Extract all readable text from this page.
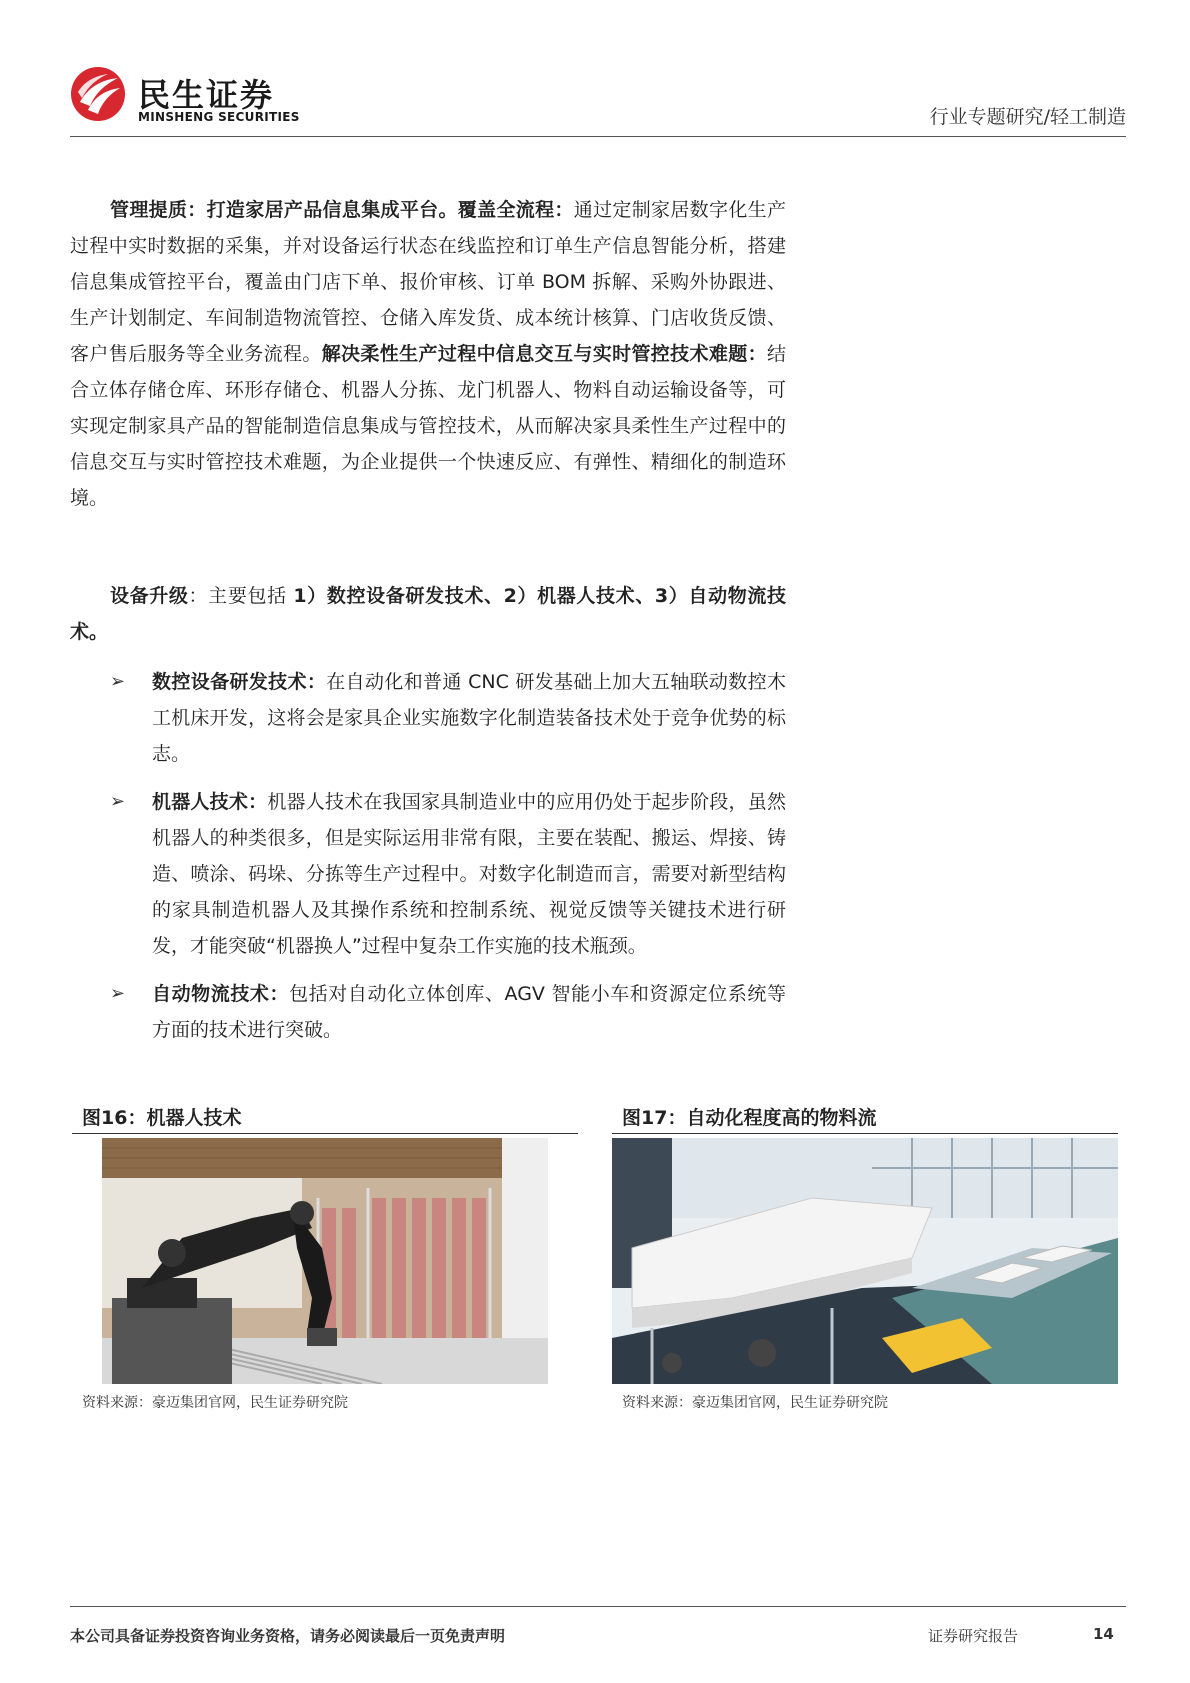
民生证券
MINSHENG SECURITIES	行业专题研究/轻工制造
管理提质：打造家居产品信息集成平台。覆盖全流程：通过定制家居数字化生产过程中实时数据的采集，并对设备运行状态在线监控和订单生产信息智能分析，搭建信息集成管控平台，覆盖由门店下单、报价审核、订单 BOM 拆解、采购外协跟进、生产计划制定、车间制造物流管控、仓储入库发货、成本统计核算、门店收货反馈、客户售后服务等全业务流程。解决柔性生产过程中信息交互与实时管控技术难题：结合立体存储仓库、环形存储仓、机器人分拣、龙门机器人、物料自动运输设备等，可实现定制家具产品的智能制造信息集成与管控技术，从而解决家具柔性生产过程中的信息交互与实时管控技术难题，为企业提供一个快速反应、有弹性、精细化的制造环境。
设备升级：主要包括 1）数控设备研发技术、2）机器人技术、3）自动物流技术。
➢ 数控设备研发技术：在自动化和普通 CNC 研发基础上加大五轴联动数控木工机床开发，这将会是家具企业实施数字化制造装备技术处于竞争优势的标志。
➢ 机器人技术：机器人技术在我国家具制造业中的应用仍处于起步阶段，虽然机器人的种类很多，但是实际运用非常有限，主要在装配、搬运、焊接、铸造、喷涂、码垛、分拣等生产过程中。对数字化制造而言，需要对新型结构的家具制造机器人及其操作系统和控制系统、视觉反馈等关键技术进行研发，才能突破“机器换人”过程中复杂工作实施的技术瓶颈。
➢ 自动物流技术：包括对自动化立体创库、AGV 智能小车和资源定位系统等方面的技术进行突破。
图16：机器人技术
资料来源：豪迈集团官网，民生证券研究院
图17：自动化程度高的物料流
资料来源：豪迈集团官网，民生证券研究院
本公司具备证券投资咨询业务资格，请务必阅读最后一页免责声明	证券研究报告	14
